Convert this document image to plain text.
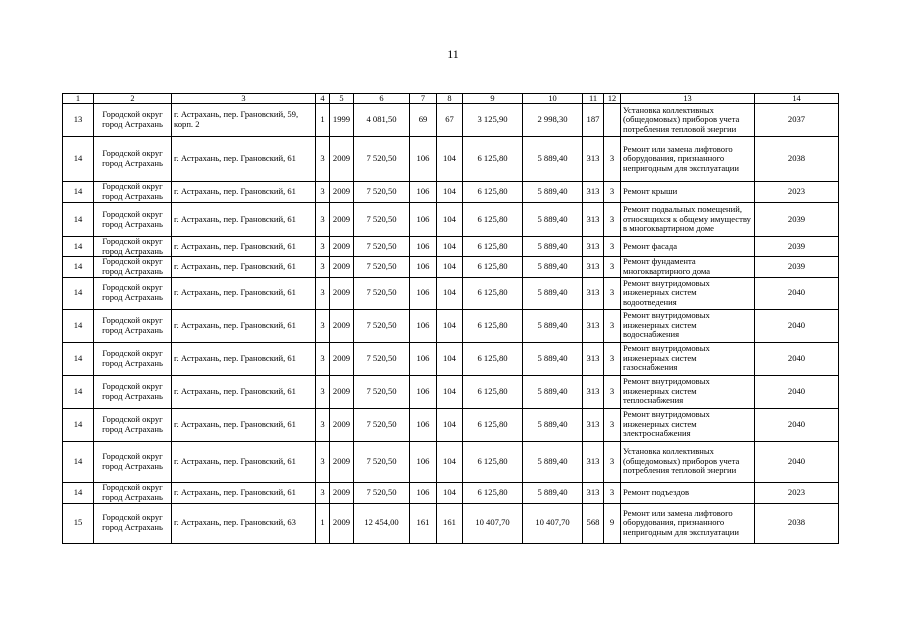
11
1	2	3	4	5	6	7	8	9	10	11	12	13	14
13	Городской округ город Астрахань	г. Астрахань, пер. Грановский, 59, корп. 2	1	1999	4 081,50	69	67	3 125,90	2 998,30	187		Установка коллективных (общедомовых) приборов учета потребления тепловой энергии	2037
14	Городской округ город Астрахань	г. Астрахань, пер. Грановский, 61	3	2009	7 520,50	106	104	6 125,80	5 889,40	313	3	Ремонт или замена лифтового оборудования, признанного непригодным для эксплуатации	2038
14	Городской округ город Астрахань	г. Астрахань, пер. Грановский, 61	3	2009	7 520,50	106	104	6 125,80	5 889,40	313	3	Ремонт крыши	2023
14	Городской округ город Астрахань	г. Астрахань, пер. Грановский, 61	3	2009	7 520,50	106	104	6 125,80	5 889,40	313	3	Ремонт подвальных помещений, относящихся к общему имуществу в многоквартирном доме	2039
14	Городской округ город Астрахань	г. Астрахань, пер. Грановский, 61	3	2009	7 520,50	106	104	6 125,80	5 889,40	313	3	Ремонт фасада	2039
14	Городской округ город Астрахань	г. Астрахань, пер. Грановский, 61	3	2009	7 520,50	106	104	6 125,80	5 889,40	313	3	Ремонт фундамента многоквартирного дома	2039
14	Городской округ город Астрахань	г. Астрахань, пер. Грановский, 61	3	2009	7 520,50	106	104	6 125,80	5 889,40	313	3	Ремонт внутридомовых инженерных систем водоотведения	2040
14	Городской округ город Астрахань	г. Астрахань, пер. Грановский, 61	3	2009	7 520,50	106	104	6 125,80	5 889,40	313	3	Ремонт внутридомовых инженерных систем водоснабжения	2040
14	Городской округ город Астрахань	г. Астрахань, пер. Грановский, 61	3	2009	7 520,50	106	104	6 125,80	5 889,40	313	3	Ремонт внутридомовых инженерных систем газоснабжения	2040
14	Городской округ город Астрахань	г. Астрахань, пер. Грановский, 61	3	2009	7 520,50	106	104	6 125,80	5 889,40	313	3	Ремонт внутридомовых инженерных систем теплоснабжения	2040
14	Городской округ город Астрахань	г. Астрахань, пер. Грановский, 61	3	2009	7 520,50	106	104	6 125,80	5 889,40	313	3	Ремонт внутридомовых инженерных систем электроснабжения	2040
14	Городской округ город Астрахань	г. Астрахань, пер. Грановский, 61	3	2009	7 520,50	106	104	6 125,80	5 889,40	313	3	Установка коллективных (общедомовых) приборов учета потребления тепловой энергии	2040
14	Городской округ город Астрахань	г. Астрахань, пер. Грановский, 61	3	2009	7 520,50	106	104	6 125,80	5 889,40	313	3	Ремонт подъездов	2023
15	Городской округ город Астрахань	г. Астрахань, пер. Грановский, 63	1	2009	12 454,00	161	161	10 407,70	10 407,70	568	9	Ремонт или замена лифтового оборудования, признанного непригодным для эксплуатации	2038
